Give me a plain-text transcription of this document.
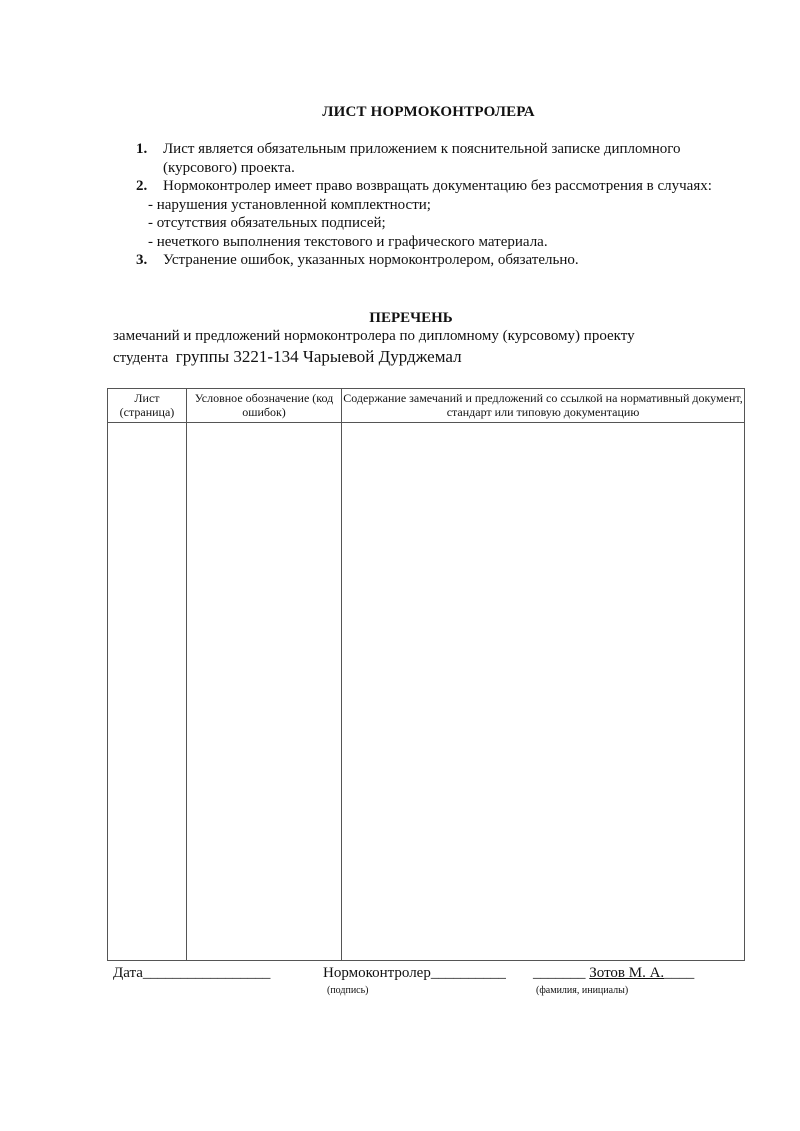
ЛИСТ НОРМОКОНТРОЛЕРА
1.	Лист является обязательным приложением к пояснительной записке дипломного (курсового) проекта.
2.	Нормоконтролер имеет право возвращать документацию без рассмотрения в случаях:
- нарушения установленной комплектности;
- отсутствия обязательных подписей;
- нечеткого выполнения текстового и графического материала.
3.	Устранение ошибок, указанных нормоконтролером, обязательно.
ПЕРЕЧЕНЬ
замечаний и предложений нормоконтролера по дипломному (курсовому) проекту
студента группы 3221-134 Чарыевой Дурджемал
Лист (страница)	Условное обозначение (код ошибок)	Содержание замечаний и предложений со ссылкой на нормативный документ, стандарт или типовую документацию

Дата_________________	Нормоконтролер__________ _______ Зотов М. А.____
(подпись)	(фамилия, инициалы)
